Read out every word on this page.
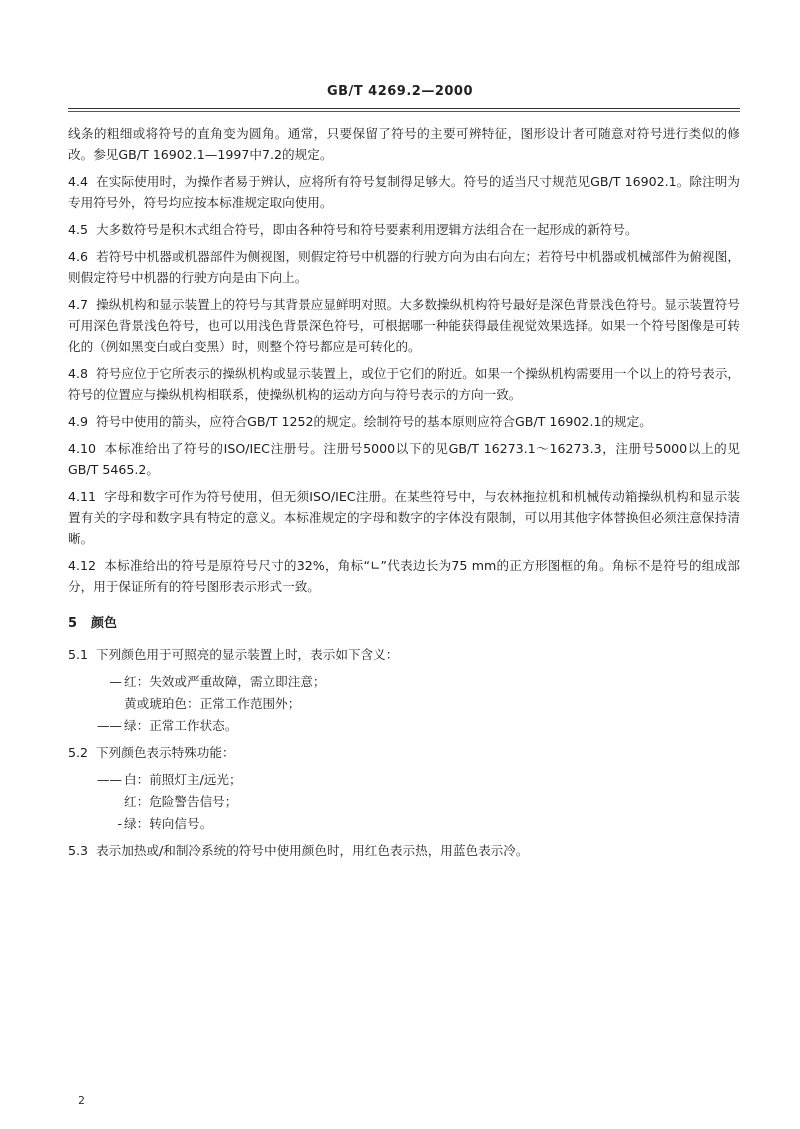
GB/T 4269.2—2000

线条的粗细或将符号的直角变为圆角。通常，只要保留了符号的主要可辨特征，图形设计者可随意对符号进行类似的修改。参见GB/T 16902.1—1997中7.2的规定。

4.4 在实际使用时，为操作者易于辨认，应将所有符号复制得足够大。符号的适当尺寸规范见GB/T 16902.1。除注明为专用符号外，符号均应按本标准规定取向使用。

4.5 大多数符号是积木式组合符号，即由各种符号和符号要素利用逻辑方法组合在一起形成的新符号。

4.6 若符号中机器或机器部件为侧视图，则假定符号中机器的行驶方向为由右向左；若符号中机器或机械部件为俯视图，则假定符号中机器的行驶方向是由下向上。

4.7 操纵机构和显示装置上的符号与其背景应显鲜明对照。大多数操纵机构符号最好是深色背景浅色符号。显示装置符号可用深色背景浅色符号，也可以用浅色背景深色符号，可根据哪一种能获得最佳视觉效果选择。如果一个符号图像是可转化的（例如黑变白或白变黑）时，则整个符号都应是可转化的。

4.8 符号应位于它所表示的操纵机构或显示装置上，或位于它们的附近。如果一个操纵机构需要用一个以上的符号表示，符号的位置应与操纵机构相联系，使操纵机构的运动方向与符号表示的方向一致。

4.9 符号中使用的箭头，应符合GB/T 1252的规定。绘制符号的基本原则应符合GB/T 16902.1的规定。

4.10 本标准给出了符号的ISO/IEC注册号。注册号5000以下的见GB/T 16273.1～16273.3，注册号5000以上的见GB/T 5465.2。

4.11 字母和数字可作为符号使用，但无须ISO/IEC注册。在某些符号中，与农林拖拉机和机械传动箱操纵机构和显示装置有关的字母和数字具有特定的意义。本标准规定的字母和数字的字体没有限制，可以用其他字体替换但必须注意保持清晰。

4.12 本标准给出的符号是原符号尺寸的32%，角标“∟”代表边长为75 mm的正方形图框的角。角标不是符号的组成部分，用于保证所有的符号图形表示形式一致。

5 颜色

5.1 下列颜色用于可照亮的显示装置上时，表示如下含义：

— 红：失效或严重故障，需立即注意；

黄或琥珀色：正常工作范围外；

—— 绿：正常工作状态。

5.2 下列颜色表示特殊功能：

—— 白：前照灯主/远光；

红：危险警告信号；

- 绿：转向信号。

5.3 表示加热或/和制冷系统的符号中使用颜色时，用红色表示热，用蓝色表示冷。

2
